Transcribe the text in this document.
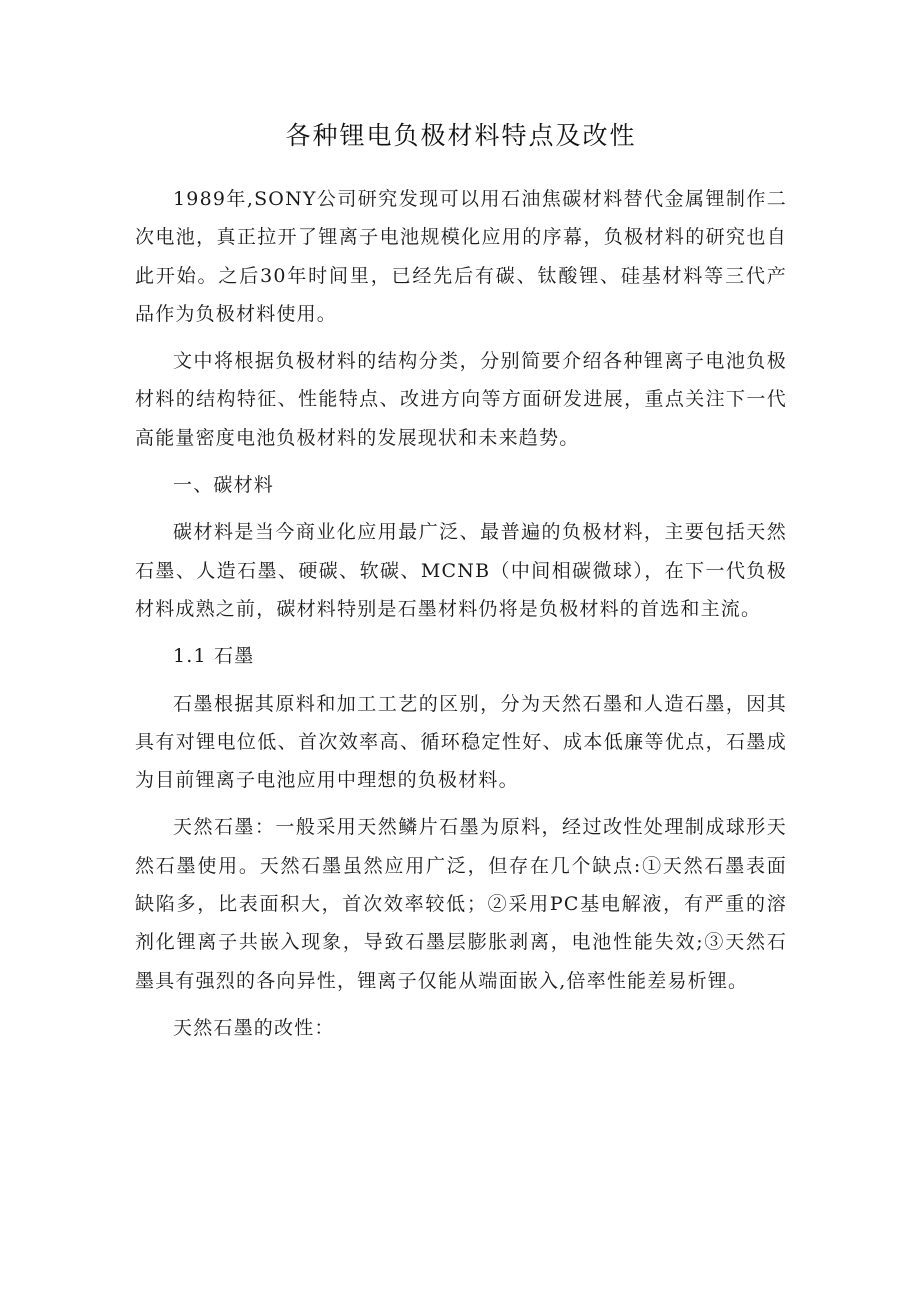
各种锂电负极材料特点及改性

1989年,SONY公司研究发现可以用石油焦碳材料替代金属锂制作二次电池，真正拉开了锂离子电池规模化应用的序幕，负极材料的研究也自此开始。之后30年时间里，已经先后有碳、钛酸锂、硅基材料等三代产品作为负极材料使用。

文中将根据负极材料的结构分类，分别简要介绍各种锂离子电池负极材料的结构特征、性能特点、改进方向等方面研发进展，重点关注下一代高能量密度电池负极材料的发展现状和未来趋势。

一、碳材料

碳材料是当今商业化应用最广泛、最普遍的负极材料，主要包括天然石墨、人造石墨、硬碳、软碳、MCNB（中间相碳微球），在下一代负极材料成熟之前，碳材料特别是石墨材料仍将是负极材料的首选和主流。

1.1 石墨

石墨根据其原料和加工工艺的区别，分为天然石墨和人造石墨，因其具有对锂电位低、首次效率高、循环稳定性好、成本低廉等优点，石墨成为目前锂离子电池应用中理想的负极材料。

天然石墨：一般采用天然鳞片石墨为原料，经过改性处理制成球形天然石墨使用。天然石墨虽然应用广泛，但存在几个缺点:①天然石墨表面缺陷多，比表面积大，首次效率较低；②采用PC基电解液，有严重的溶剂化锂离子共嵌入现象，导致石墨层膨胀剥离，电池性能失效;③天然石墨具有强烈的各向异性，锂离子仅能从端面嵌入,倍率性能差易析锂。

天然石墨的改性：
